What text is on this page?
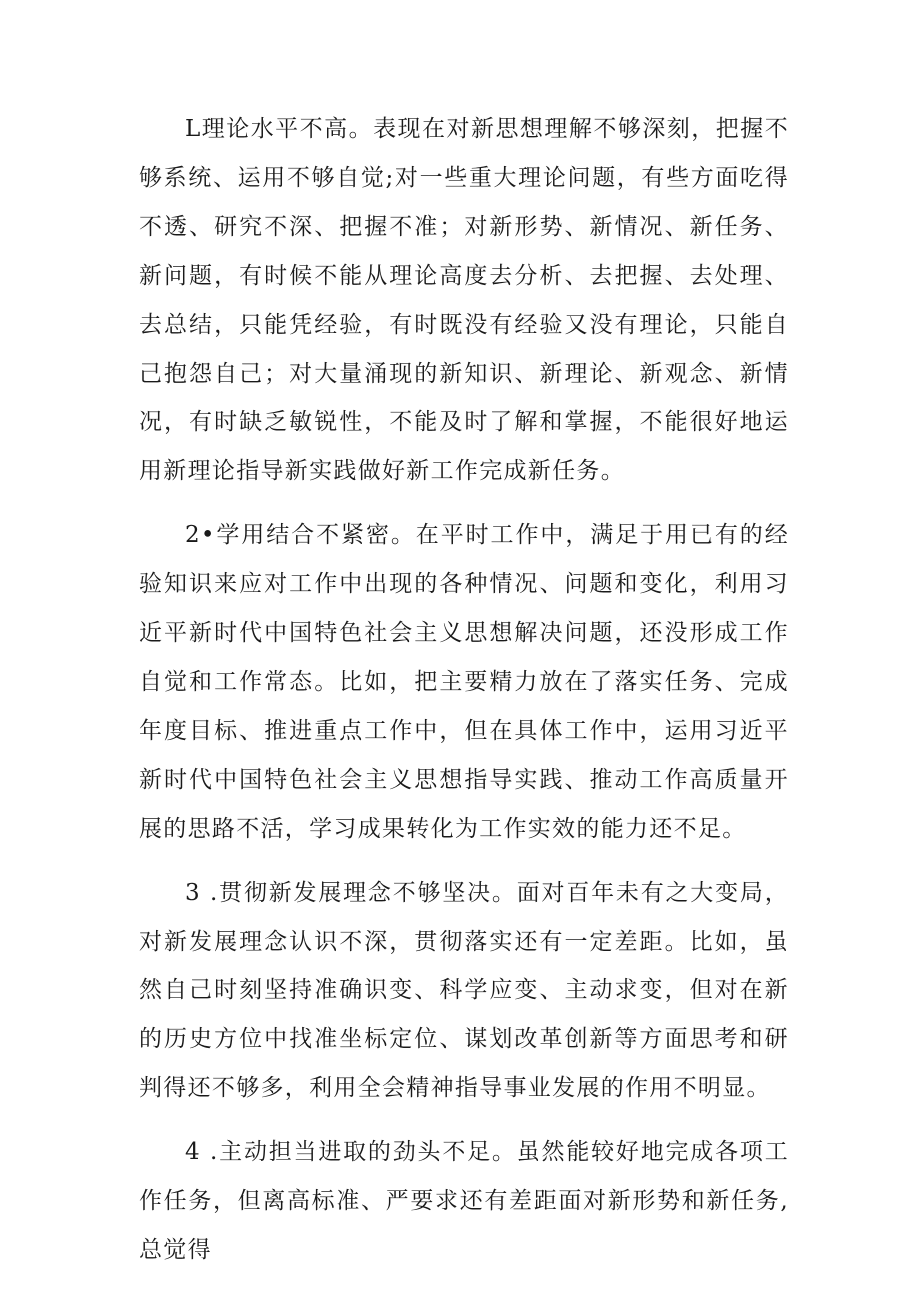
L理论水平不高。表现在对新思想理解不够深刻，把握不够系统、运用不够自觉;对一些重大理论问题，有些方面吃得不透、研究不深、把握不准；对新形势、新情况、新任务、新问题，有时候不能从理论高度去分析、去把握、去处理、去总结，只能凭经验，有时既没有经验又没有理论，只能自己抱怨自己；对大量涌现的新知识、新理论、新观念、新情况，有时缺乏敏锐性，不能及时了解和掌握，不能很好地运用新理论指导新实践做好新工作完成新任务。

2•学用结合不紧密。在平时工作中，满足于用已有的经验知识来应对工作中出现的各种情况、问题和变化，利用习近平新时代中国特色社会主义思想解决问题，还没形成工作自觉和工作常态。比如，把主要精力放在了落实任务、完成年度目标、推进重点工作中，但在具体工作中，运用习近平新时代中国特色社会主义思想指导实践、推动工作高质量开展的思路不活，学习成果转化为工作实效的能力还不足。

3 .贯彻新发展理念不够坚决。面对百年未有之大变局，对新发展理念认识不深，贯彻落实还有一定差距。比如，虽然自己时刻坚持准确识变、科学应变、主动求变，但对在新的历史方位中找准坐标定位、谋划改革创新等方面思考和研判得还不够多，利用全会精神指导事业发展的作用不明显。

4 .主动担当进取的劲头不足。虽然能较好地完成各项工作任务，但离高标准、严要求还有差距面对新形势和新任务,总觉得
